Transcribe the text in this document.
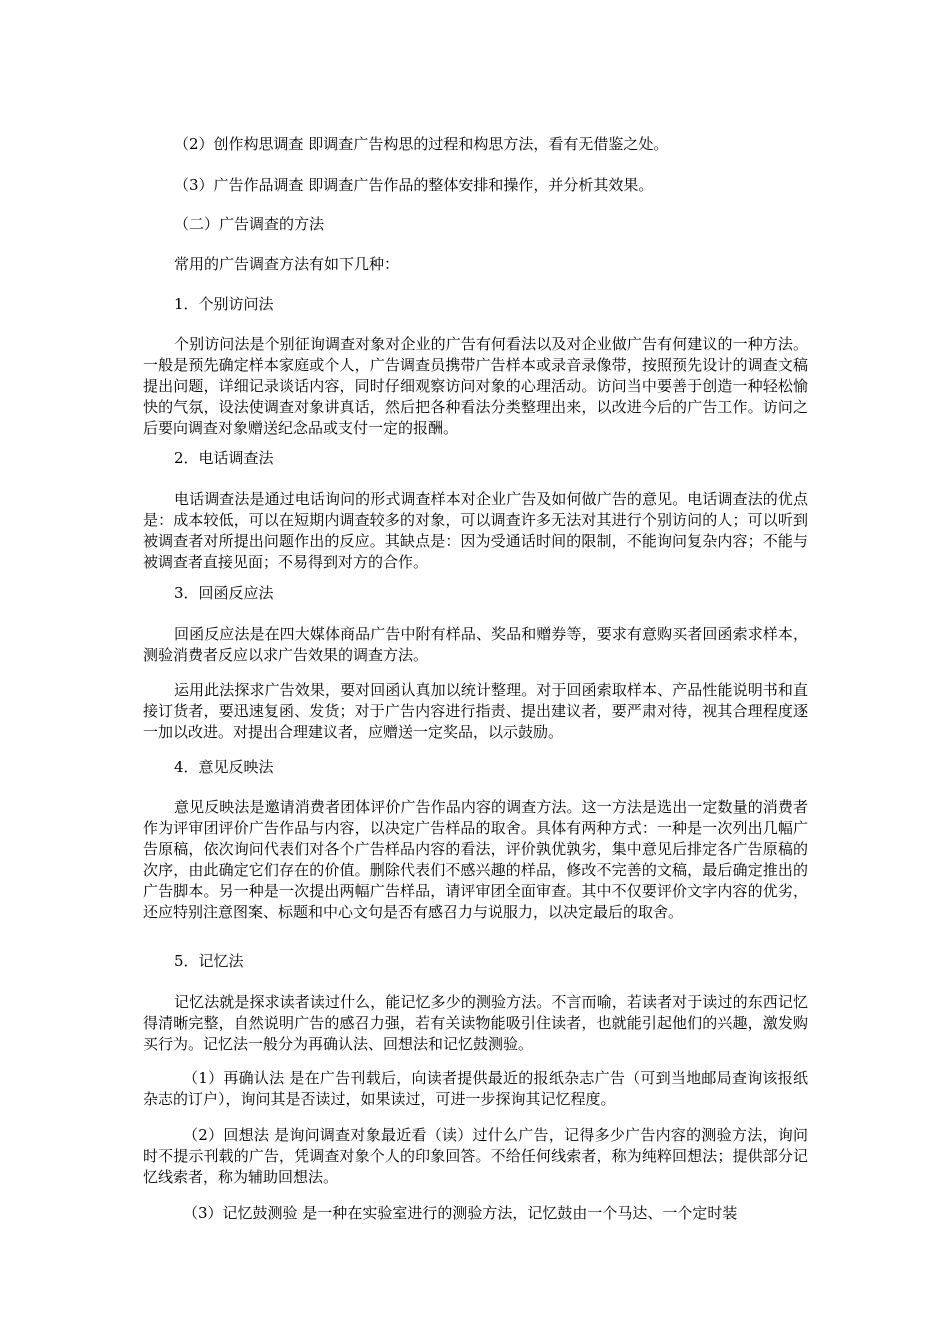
（2）创作构思调查 即调查广告构思的过程和构思方法，看有无借鉴之处。

（3）广告作品调查 即调查广告作品的整体安排和操作，并分析其效果。

（二）广告调查的方法

常用的广告调查方法有如下几种：

1．个别访问法

个别访问法是个别征询调查对象对企业的广告有何看法以及对企业做广告有何建议的一种方法。一般是预先确定样本家庭或个人，广告调查员携带广告样本或录音录像带，按照预先设计的调查文稿提出问题，详细记录谈话内容，同时仔细观察访问对象的心理活动。访问当中要善于创造一种轻松愉快的气氛，设法使调查对象讲真话，然后把各种看法分类整理出来，以改进今后的广告工作。访问之后要向调查对象赠送纪念品或支付一定的报酬。

2．电话调查法

电话调查法是通过电话询问的形式调查样本对企业广告及如何做广告的意见。电话调查法的优点是：成本较低，可以在短期内调查较多的对象，可以调查许多无法对其进行个别访问的人；可以听到被调查者对所提出问题作出的反应。其缺点是：因为受通话时间的限制，不能询问复杂内容；不能与被调查者直接见面；不易得到对方的合作。

3．回函反应法

回函反应法是在四大媒体商品广告中附有样品、奖品和赠券等，要求有意购买者回函索求样本，测验消费者反应以求广告效果的调查方法。

运用此法探求广告效果，要对回函认真加以统计整理。对于回函索取样本、产品性能说明书和直接订货者，要迅速复函、发货；对于广告内容进行指责、提出建议者，要严肃对待，视其合理程度逐一加以改进。对提出合理建议者，应赠送一定奖品，以示鼓励。

4．意见反映法

意见反映法是邀请消费者团体评价广告作品内容的调查方法。这一方法是选出一定数量的消费者作为评审团评价广告作品与内容，以决定广告样品的取舍。具体有两种方式：一种是一次列出几幅广告原稿，依次询问代表们对各个广告样品内容的看法，评价孰优孰劣，集中意见后排定各广告原稿的次序，由此确定它们存在的价值。删除代表们不感兴趣的样品，修改不完善的文稿，最后确定推出的广告脚本。另一种是一次提出两幅广告样品，请评审团全面审查。其中不仅要评价文字内容的优劣，还应特别注意图案、标题和中心文句是否有感召力与说服力，以决定最后的取舍。

5．记忆法

记忆法就是探求读者读过什么，能记忆多少的测验方法。不言而喻，若读者对于读过的东西记忆得清晰完整，自然说明广告的感召力强，若有关读物能吸引住读者，也就能引起他们的兴趣，激发购买行为。记忆法一般分为再确认法、回想法和记忆鼓测验。

（1）再确认法 是在广告刊载后，向读者提供最近的报纸杂志广告（可到当地邮局查询该报纸杂志的订户），询问其是否读过，如果读过，可进一步探询其记忆程度。

（2）回想法 是询问调查对象最近看（读）过什么广告，记得多少广告内容的测验方法，询问时不提示刊载的广告，凭调查对象个人的印象回答。不给任何线索者，称为纯粹回想法；提供部分记忆线索者，称为辅助回想法。

（3）记忆鼓测验 是一种在实验室进行的测验方法，记忆鼓由一个马达、一个定时装
